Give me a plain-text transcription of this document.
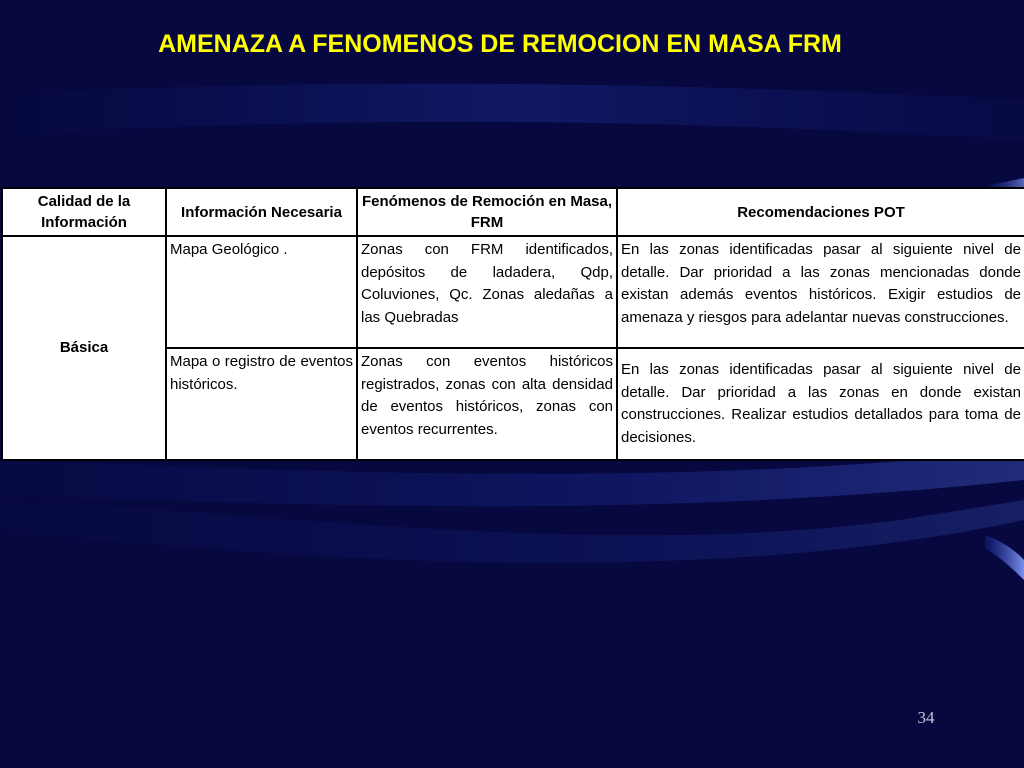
AMENAZA A FENOMENOS DE REMOCION EN MASA FRM
Calidad de la Información	Información Necesaria	Fenómenos de Remoción en Masa, FRM	Recomendaciones POT
Básica	Mapa Geológico .	Zonas con FRM identificados, depósitos de ladadera, Qdp, Coluviones, Qc. Zonas aledañas a las Quebradas	En las zonas identificadas pasar al siguiente nivel de detalle. Dar prioridad a las zonas mencionadas donde existan además eventos históricos. Exigir estudios de amenaza y riesgos para adelantar nuevas construcciones.
	Mapa o registro de eventos históricos.	Zonas con eventos históricos registrados, zonas con alta densidad de eventos históricos, zonas con eventos recurrentes.	En las zonas identificadas pasar al siguiente nivel de detalle. Dar prioridad a las zonas en donde existan construcciones. Realizar estudios detallados para toma de decisiones.
34
